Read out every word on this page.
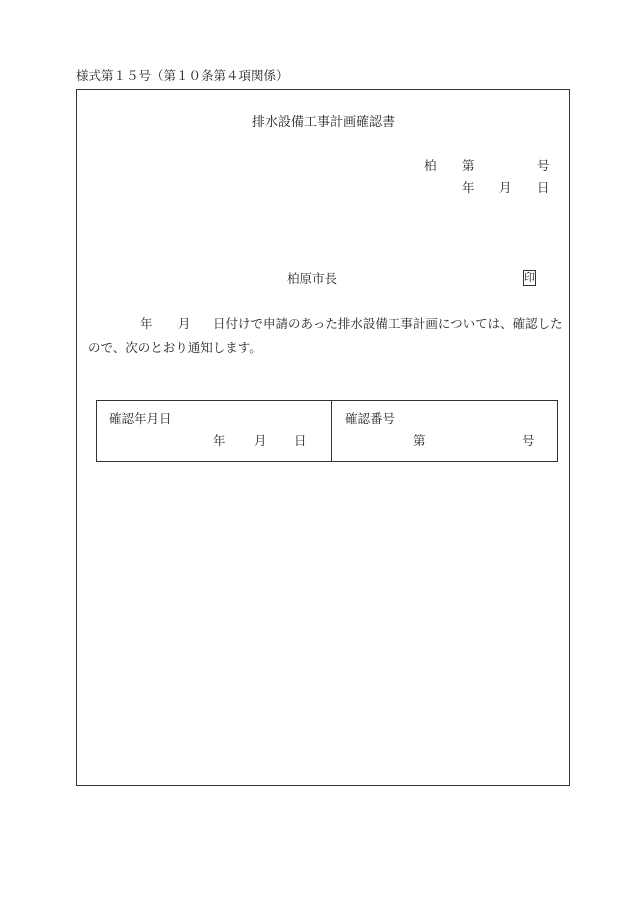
様式第１５号（第１０条第４項関係）
排水設備工事計画確認書
柏 第	号
年 月 日
柏原市長	印
年 月 日付けで申請のあった排水設備工事計画については、確認した
ので、次のとおり通知します。
確認年月日
年 月 日
確認番号
第	号
